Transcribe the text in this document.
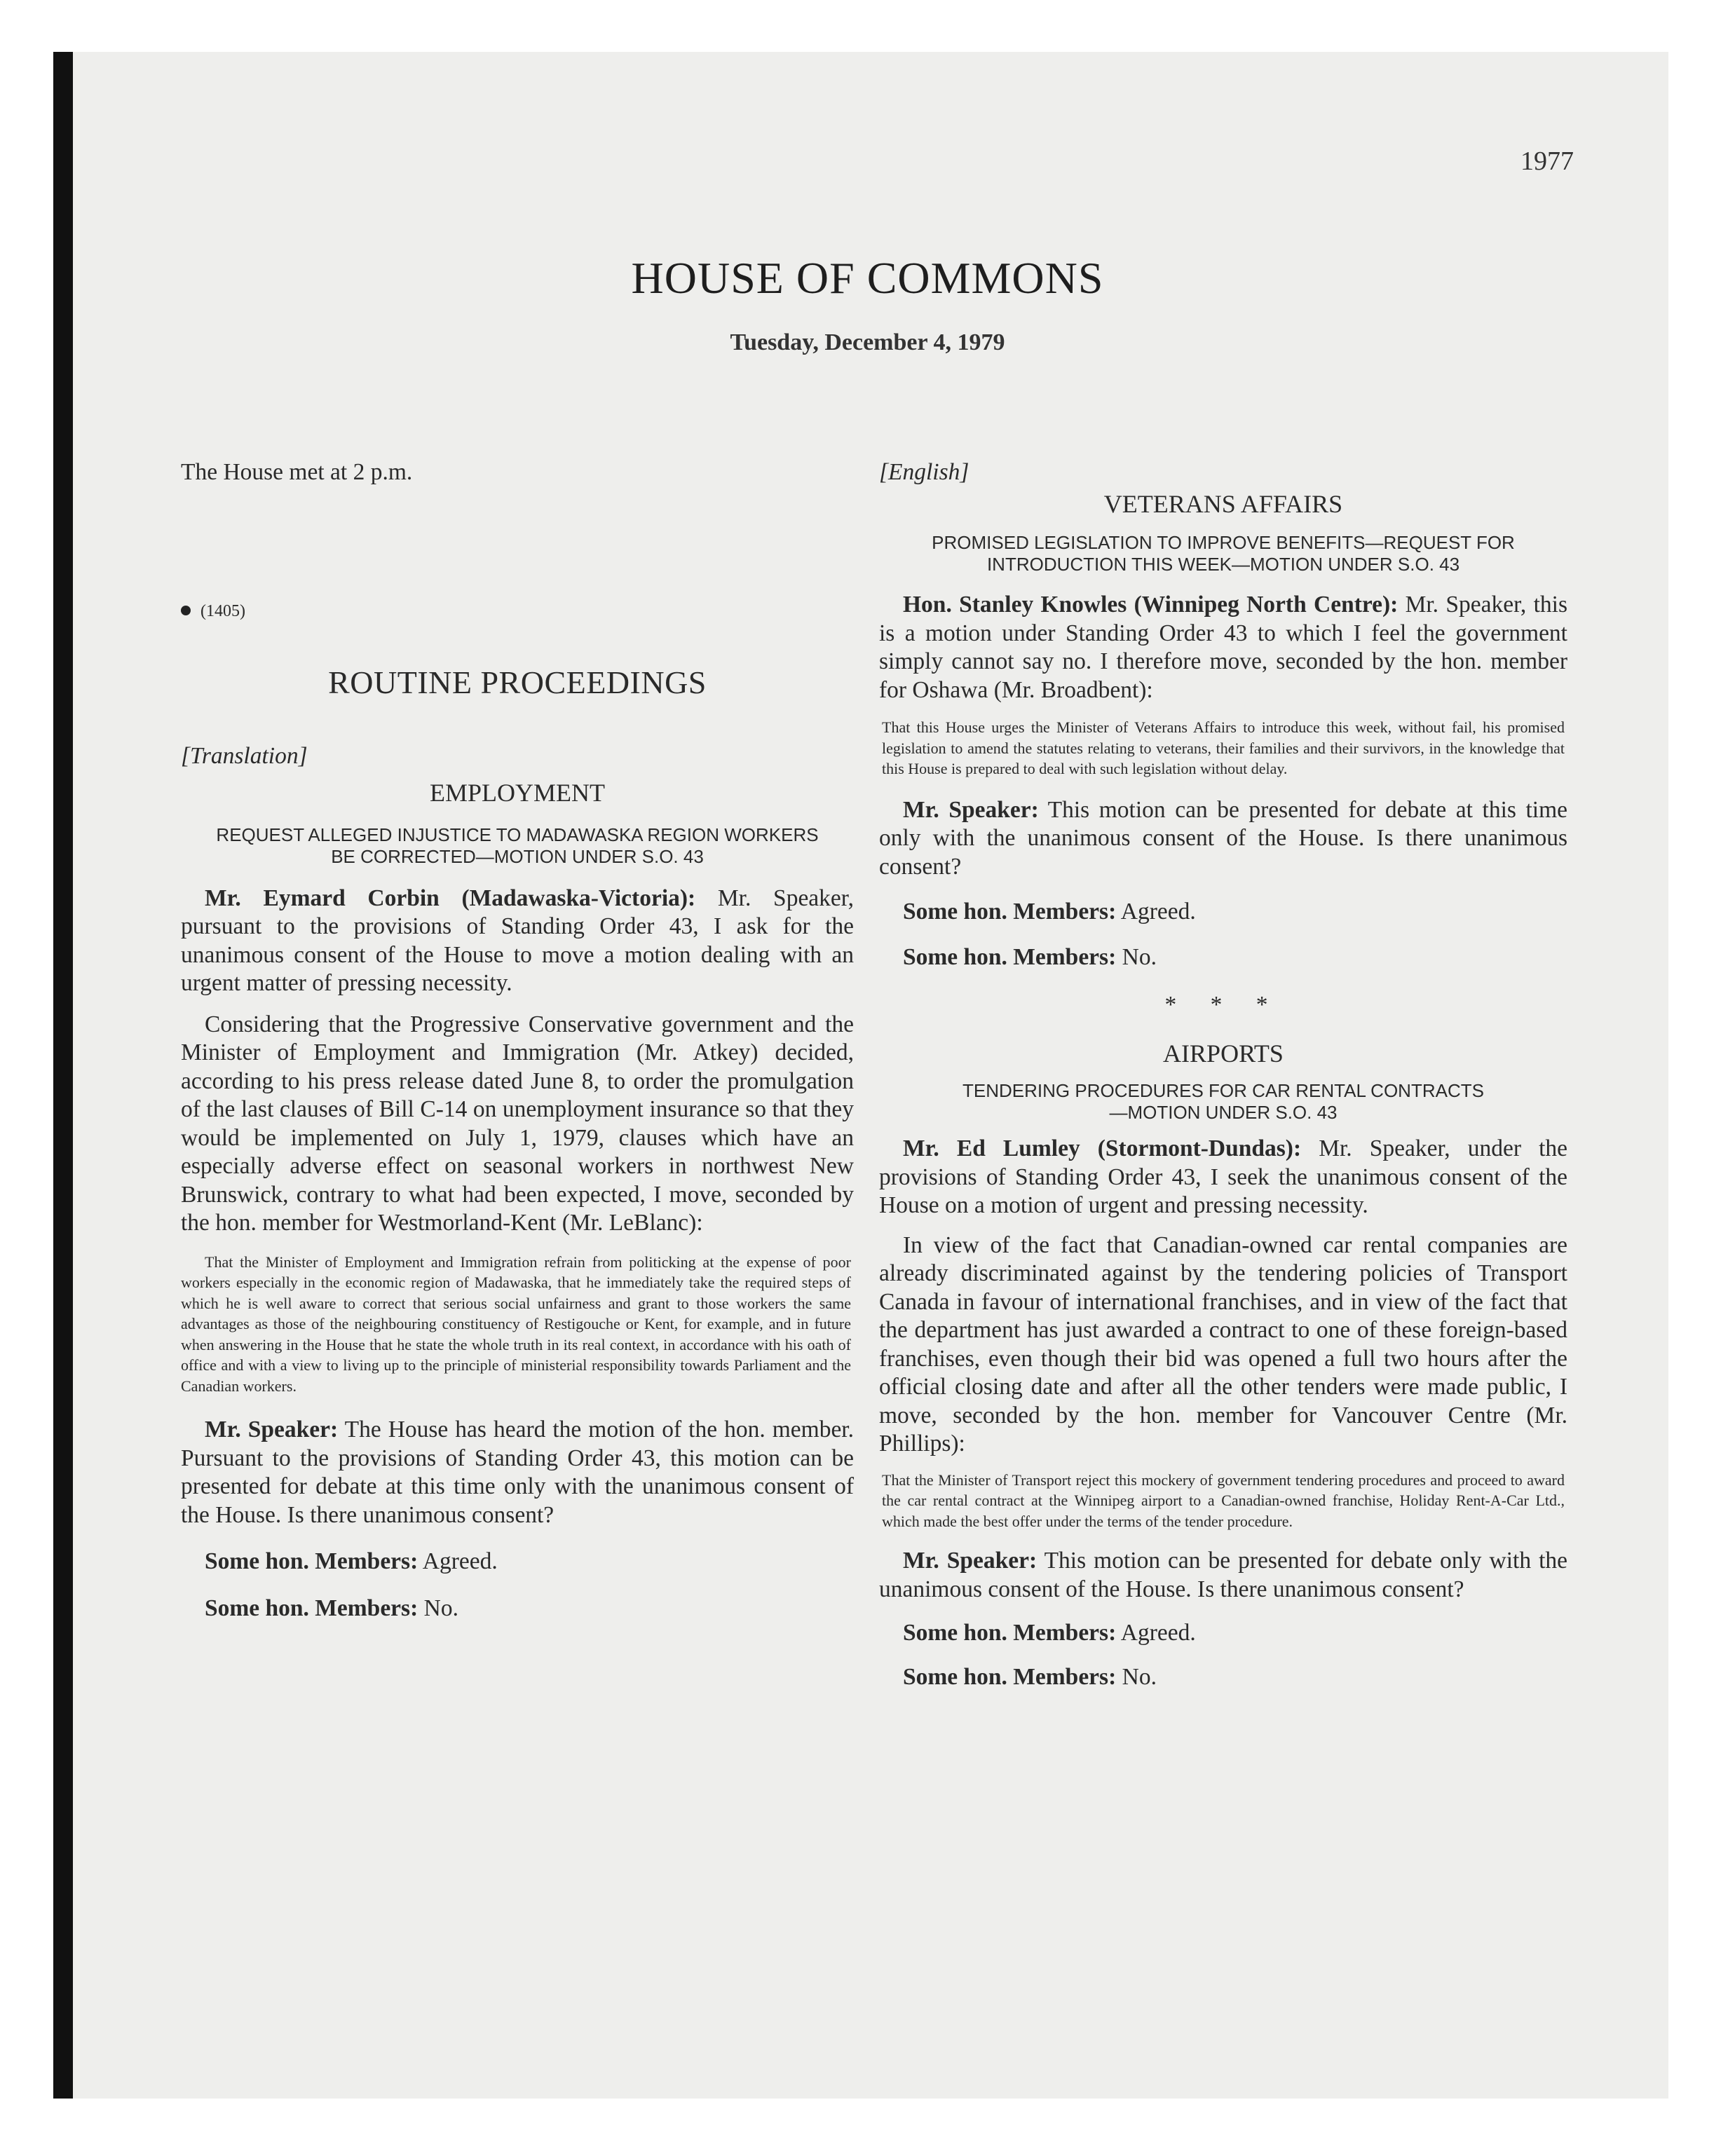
1977
HOUSE OF COMMONS
Tuesday, December 4, 1979

The House met at 2 p.m.

(1405)
ROUTINE PROCEEDINGS

[Translation]

EMPLOYMENT
REQUEST ALLEGED INJUSTICE TO MADAWASKA REGION WORKERS BE CORRECTED—MOTION UNDER S.O. 43

Mr. Eymard Corbin (Madawaska-Victoria): Mr. Speaker, pursuant to the provisions of Standing Order 43, I ask for the unanimous consent of the House to move a motion dealing with an urgent matter of pressing necessity.

Considering that the Progressive Conservative government and the Minister of Employment and Immigration (Mr. Atkey) decided, according to his press release dated June 8, to order the promulgation of the last clauses of Bill C-14 on unemployment insurance so that they would be implemented on July 1, 1979, clauses which have an especially adverse effect on seasonal workers in northwest New Brunswick, contrary to what had been expected, I move, seconded by the hon. member for Westmorland-Kent (Mr. LeBlanc):

That the Minister of Employment and Immigration refrain from politicking at the expense of poor workers especially in the economic region of Madawaska, that he immediately take the required steps of which he is well aware to correct that serious social unfairness and grant to those workers the same advantages as those of the neighbouring constituency of Restigouche or Kent, for example, and in future when answering in the House that he state the whole truth in its real context, in accordance with his oath of office and with a view to living up to the principle of ministerial responsibility towards Parliament and the Canadian workers.

Mr. Speaker: The House has heard the motion of the hon. member. Pursuant to the provisions of Standing Order 43, this motion can be presented for debate at this time only with the unanimous consent of the House. Is there unanimous consent?

Some hon. Members: Agreed.

Some hon. Members: No.

[English]

VETERANS AFFAIRS
PROMISED LEGISLATION TO IMPROVE BENEFITS—REQUEST FOR INTRODUCTION THIS WEEK—MOTION UNDER S.O. 43

Hon. Stanley Knowles (Winnipeg North Centre): Mr. Speaker, this is a motion under Standing Order 43 to which I feel the government simply cannot say no. I therefore move, seconded by the hon. member for Oshawa (Mr. Broadbent):

That this House urges the Minister of Veterans Affairs to introduce this week, without fail, his promised legislation to amend the statutes relating to veterans, their families and their survivors, in the knowledge that this House is prepared to deal with such legislation without delay.

Mr. Speaker: This motion can be presented for debate at this time only with the unanimous consent of the House. Is there unanimous consent?

Some hon. Members: Agreed.

Some hon. Members: No.

* * *
AIRPORTS
TENDERING PROCEDURES FOR CAR RENTAL CONTRACTS—MOTION UNDER S.O. 43

Mr. Ed Lumley (Stormont-Dundas): Mr. Speaker, under the provisions of Standing Order 43, I seek the unanimous consent of the House on a motion of urgent and pressing necessity.

In view of the fact that Canadian-owned car rental companies are already discriminated against by the tendering policies of Transport Canada in favour of international franchises, and in view of the fact that the department has just awarded a contract to one of these foreign-based franchises, even though their bid was opened a full two hours after the official closing date and after all the other tenders were made public, I move, seconded by the hon. member for Vancouver Centre (Mr. Phillips):

That the Minister of Transport reject this mockery of government tendering procedures and proceed to award the car rental contract at the Winnipeg airport to a Canadian-owned franchise, Holiday Rent-A-Car Ltd., which made the best offer under the terms of the tender procedure.

Mr. Speaker: This motion can be presented for debate only with the unanimous consent of the House. Is there unanimous consent?

Some hon. Members: Agreed.

Some hon. Members: No.
